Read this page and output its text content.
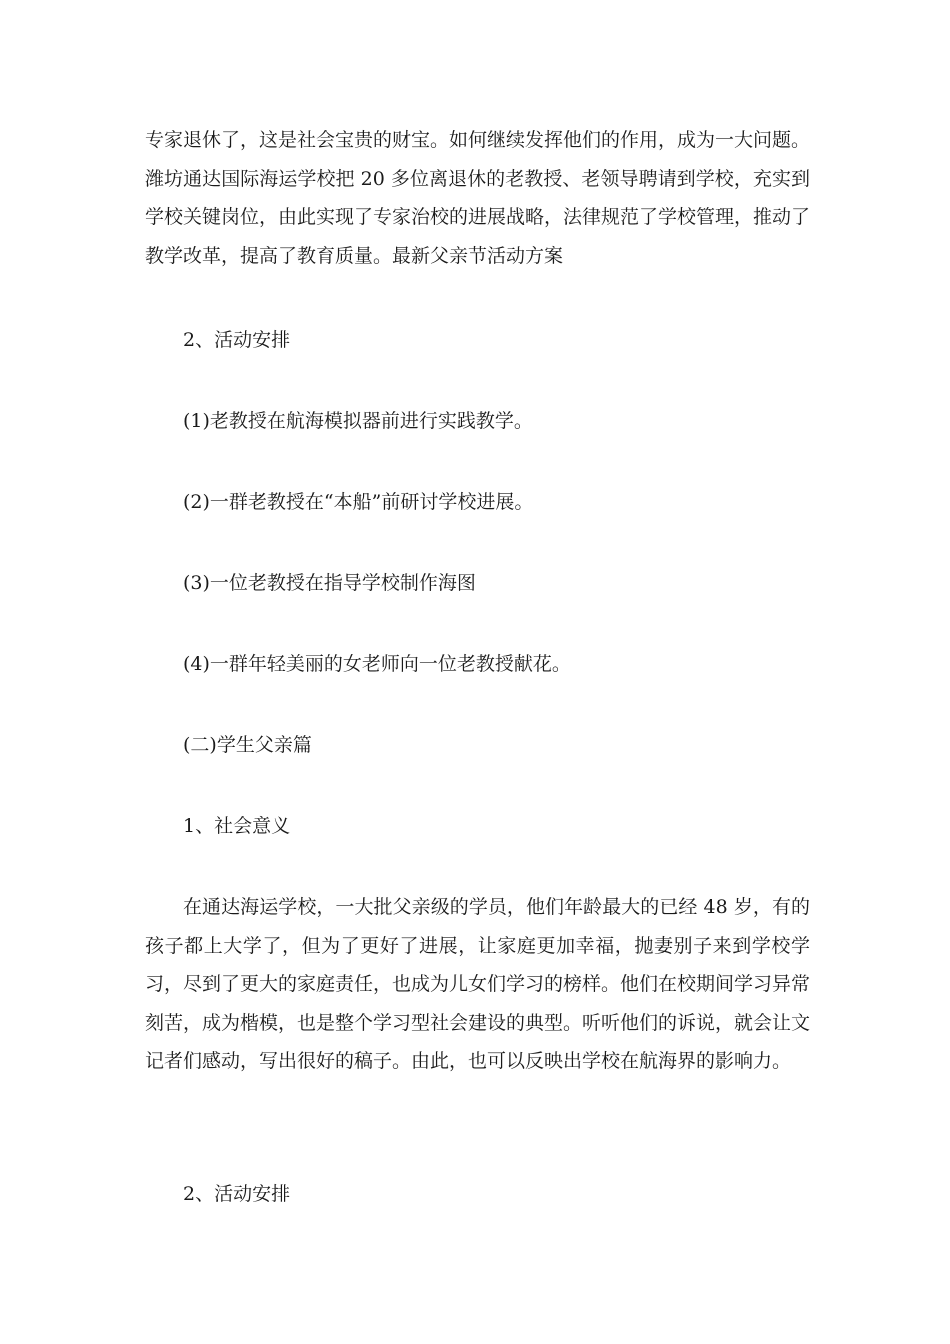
专家退休了，这是社会宝贵的财宝。如何继续发挥他们的作用，成为一大问题。潍坊通达国际海运学校把 20 多位离退休的老教授、老领导聘请到学校，充实到学校关键岗位，由此实现了专家治校的进展战略，法律规范了学校管理，推动了教学改革，提高了教育质量。最新父亲节活动方案

2、活动安排

(1)老教授在航海模拟器前进行实践教学。

(2)一群老教授在“本船”前研讨学校进展。

(3)一位老教授在指导学校制作海图

(4)一群年轻美丽的女老师向一位老教授献花。

(二)学生父亲篇

1、社会意义

在通达海运学校，一大批父亲级的学员，他们年龄最大的已经 48 岁，有的孩子都上大学了，但为了更好了进展，让家庭更加幸福，抛妻别子来到学校学习，尽到了更大的家庭责任，也成为儿女们学习的榜样。他们在校期间学习异常刻苦，成为楷模，也是整个学习型社会建设的典型。听听他们的诉说，就会让文记者们感动，写出很好的稿子。由此，也可以反映出学校在航海界的影响力。

2、活动安排
